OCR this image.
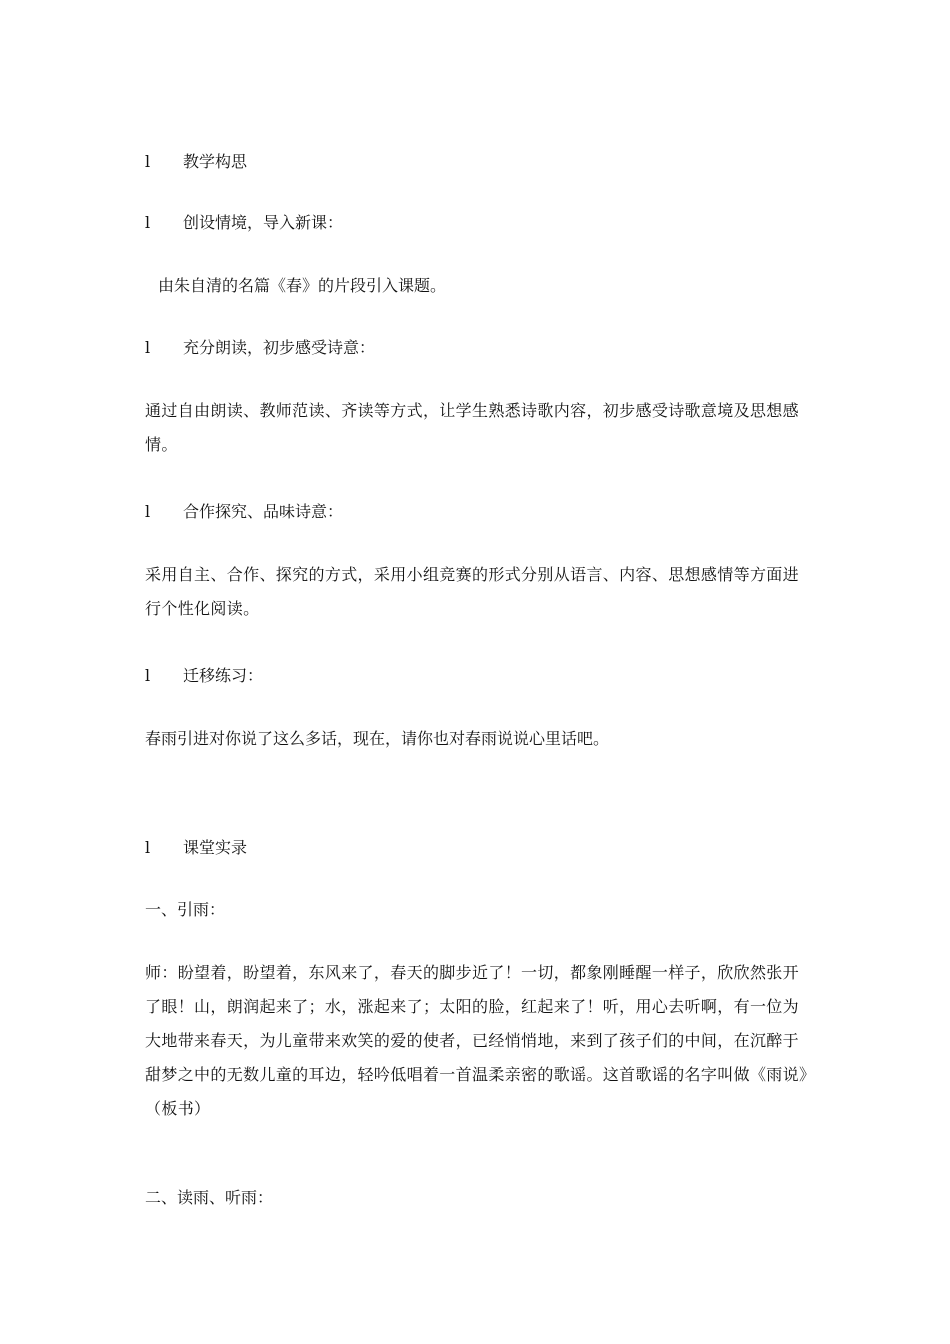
l 教学构思
l 创设情境，导入新课：
由朱自清的名篇《春》的片段引入课题。
l 充分朗读，初步感受诗意：
通过自由朗读、教师范读、齐读等方式，让学生熟悉诗歌内容，初步感受诗歌意境及思想感情。
l 合作探究、品味诗意：
采用自主、合作、探究的方式，采用小组竞赛的形式分别从语言、内容、思想感情等方面进行个性化阅读。
l 迁移练习：
春雨引进对你说了这么多话，现在，请你也对春雨说说心里话吧。
l 课堂实录
一、引雨：
师：盼望着，盼望着，东风来了，春天的脚步近了！一切，都象刚睡醒一样子，欣欣然张开了眼！山，朗润起来了；水，涨起来了；太阳的脸，红起来了！听，用心去听啊，有一位为大地带来春天，为儿童带来欢笑的爱的使者，已经悄悄地，来到了孩子们的中间，在沉醉于甜梦之中的无数儿童的耳边，轻吟低唱着一首温柔亲密的歌谣。这首歌谣的名字叫做《雨说》（板书）
二、读雨、听雨：
